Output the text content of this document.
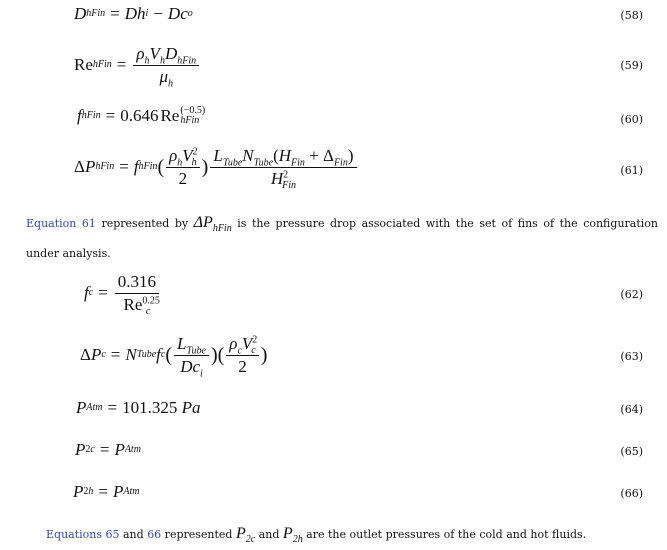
D hFin = Dh i − Dc o	(58)
Re hFin = $\frac{\rho_hV_hD_{hFin}}{\mu_h}$	(59)
f hFin = 0.646 Re (−0.5)
hFin	(60)
Δ P hFin = f hFin ( $\frac{\rho_hV^2_h}{2}$ ) $\frac{L_{Tube}N_{Tube}(H_{Fin} + \Delta_{Fin})}{H^2_{Fin}}$	(61)
Equation 61 represented by $\Delta P_{hFin}$ is the pressure drop associated with the set of fins of the configuration under analysis.
f $c = \frac{0.316}{Re^{0.25}_c}$	(62)
Δ P c = N Tube f c ( $\frac{L_{Tube}}{Dc_i}$ )( $\frac{\rho_cV^2_c}{2}$ )	(63)
P Atm = 101.325
Pa	(64)
P 2c = P Atm	(65)
P 2h = P Atm	(66)
Equations 65 and 66 represented $P_{2c}$ and $P_{2h}$ are the outlet pressures of the cold and hot fluids.
